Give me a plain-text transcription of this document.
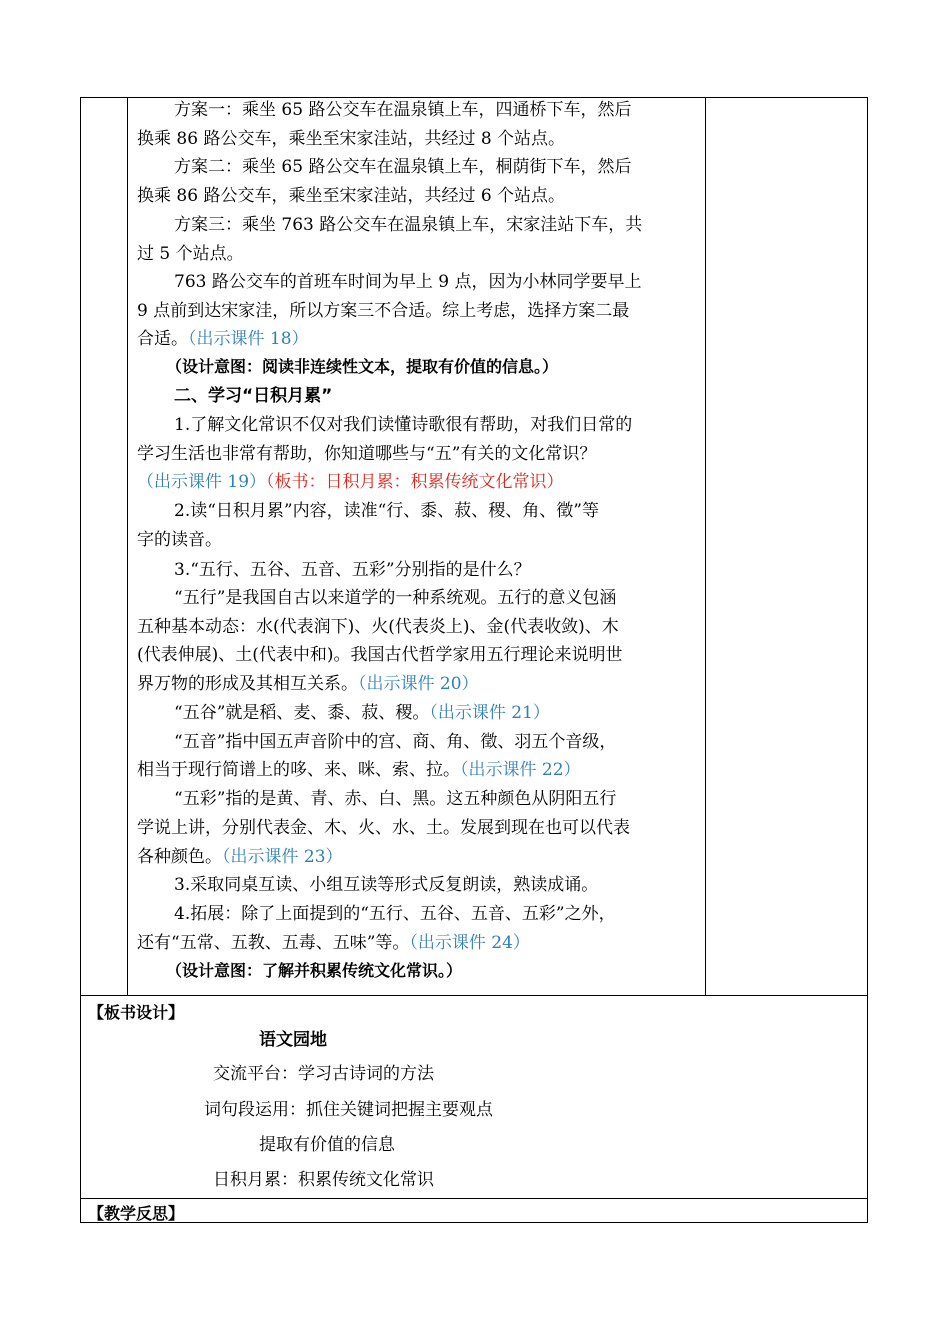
方案一：乘坐 65 路公交车在温泉镇上车，四通桥下车，然后
换乘 86 路公交车，乘坐至宋家洼站，共经过 8 个站点。
方案二：乘坐 65 路公交车在温泉镇上车，桐荫街下车，然后
换乘 86 路公交车，乘坐至宋家洼站，共经过 6 个站点。
方案三：乘坐 763 路公交车在温泉镇上车，宋家洼站下车，共
过 5 个站点。
763 路公交车的首班车时间为早上 9 点，因为小林同学要早上
9 点前到达宋家洼，所以方案三不合适。综上考虑，选择方案二最
合适。（出示课件 18）
（设计意图：阅读非连续性文本，提取有价值的信息。）
二、学习“日积月累”
1.了解文化常识不仅对我们读懂诗歌很有帮助，对我们日常的
学习生活也非常有帮助，你知道哪些与“五”有关的文化常识？
（出示课件 19）（板书：日积月累：积累传统文化常识）
2.读“日积月累”内容，读准“行、黍、菽、稷、角、徵”等
字的读音。
3.“五行、五谷、五音、五彩”分别指的是什么？
“五行”是我国自古以来道学的一种系统观。五行的意义包涵
五种基本动态：水(代表润下)、火(代表炎上)、金(代表收敛)、木
(代表伸展)、土(代表中和)。我国古代哲学家用五行理论来说明世
界万物的形成及其相互关系。（出示课件 20）
“五谷”就是稻、麦、黍、菽、稷。（出示课件 21）
“五音”指中国五声音阶中的宫、商、角、徵、羽五个音级，
相当于现行简谱上的哆、来、咪、索、拉。（出示课件 22）
“五彩”指的是黄、青、赤、白、黑。这五种颜色从阴阳五行
学说上讲，分别代表金、木、火、水、土。发展到现在也可以代表
各种颜色。（出示课件 23）
3.采取同桌互读、小组互读等形式反复朗读，熟读成诵。
4.拓展：除了上面提到的“五行、五谷、五音、五彩”之外，
还有“五常、五教、五毒、五味”等。（出示课件 24）
（设计意图：了解并积累传统文化常识。）
【板书设计】
语文园地
交流平台：学习古诗词的方法
词句段运用：抓住关键词把握主要观点
提取有价值的信息
日积月累：积累传统文化常识
【教学反思】
